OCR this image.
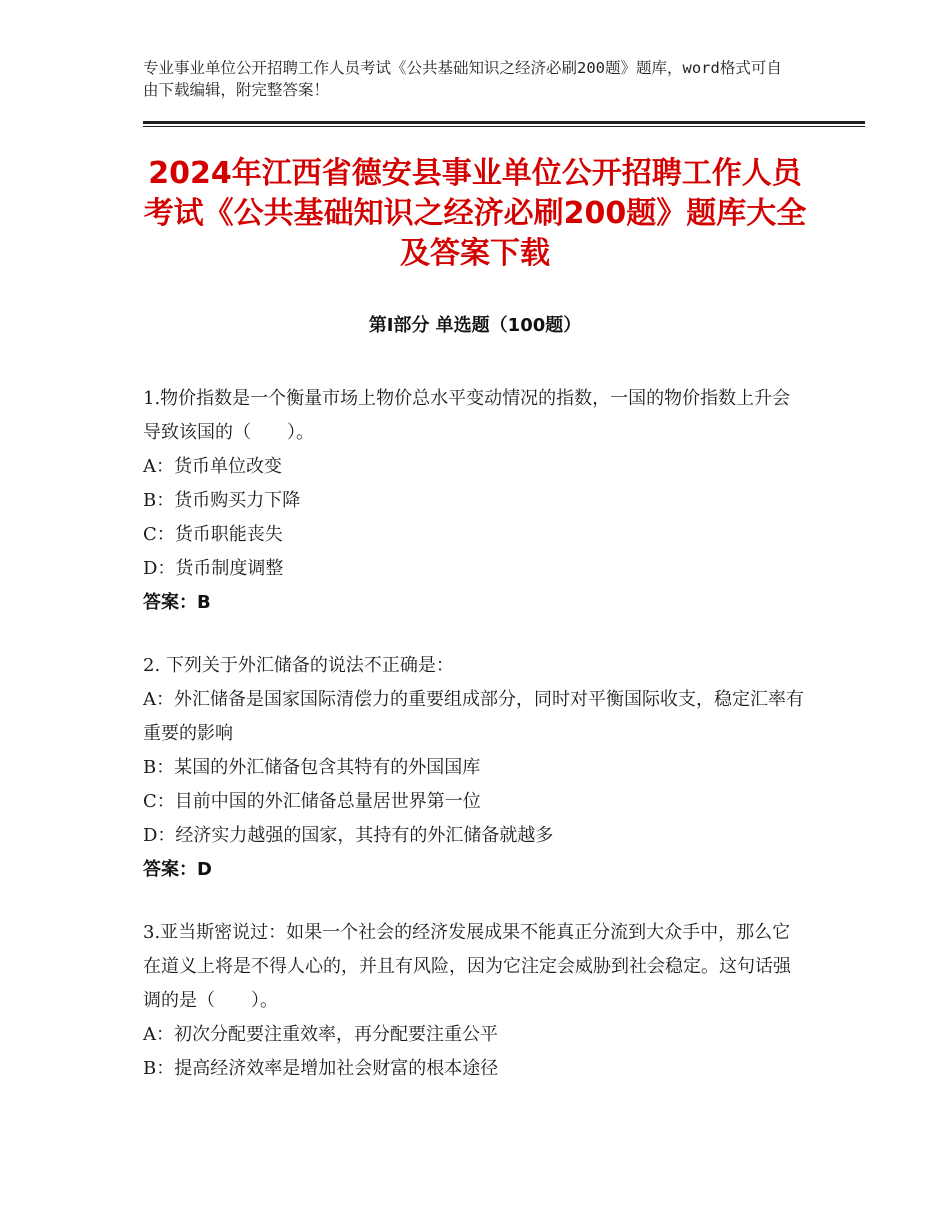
专业事业单位公开招聘工作人员考试《公共基础知识之经济必刷200题》题库，word格式可自由下载编辑，附完整答案！
2024年江西省德安县事业单位公开招聘工作人员考试《公共基础知识之经济必刷200题》题库大全及答案下载
第Ⅰ部分 单选题（100题）
1.物价指数是一个衡量市场上物价总水平变动情况的指数，一国的物价指数上升会导致该国的（　　）。
A：货币单位改变
B：货币购买力下降
C：货币职能丧失
D：货币制度调整
答案：B
2. 下列关于外汇储备的说法不正确是：
A：外汇储备是国家国际清偿力的重要组成部分，同时对平衡国际收支，稳定汇率有重要的影响
B：某国的外汇储备包含其特有的外国国库
C：目前中国的外汇储备总量居世界第一位
D：经济实力越强的国家，其持有的外汇储备就越多
答案：D
3.亚当斯密说过：如果一个社会的经济发展成果不能真正分流到大众手中，那么它在道义上将是不得人心的，并且有风险，因为它注定会威胁到社会稳定。这句话强调的是（　　）。
A：初次分配要注重效率，再分配要注重公平
B：提高经济效率是增加社会财富的根本途径
